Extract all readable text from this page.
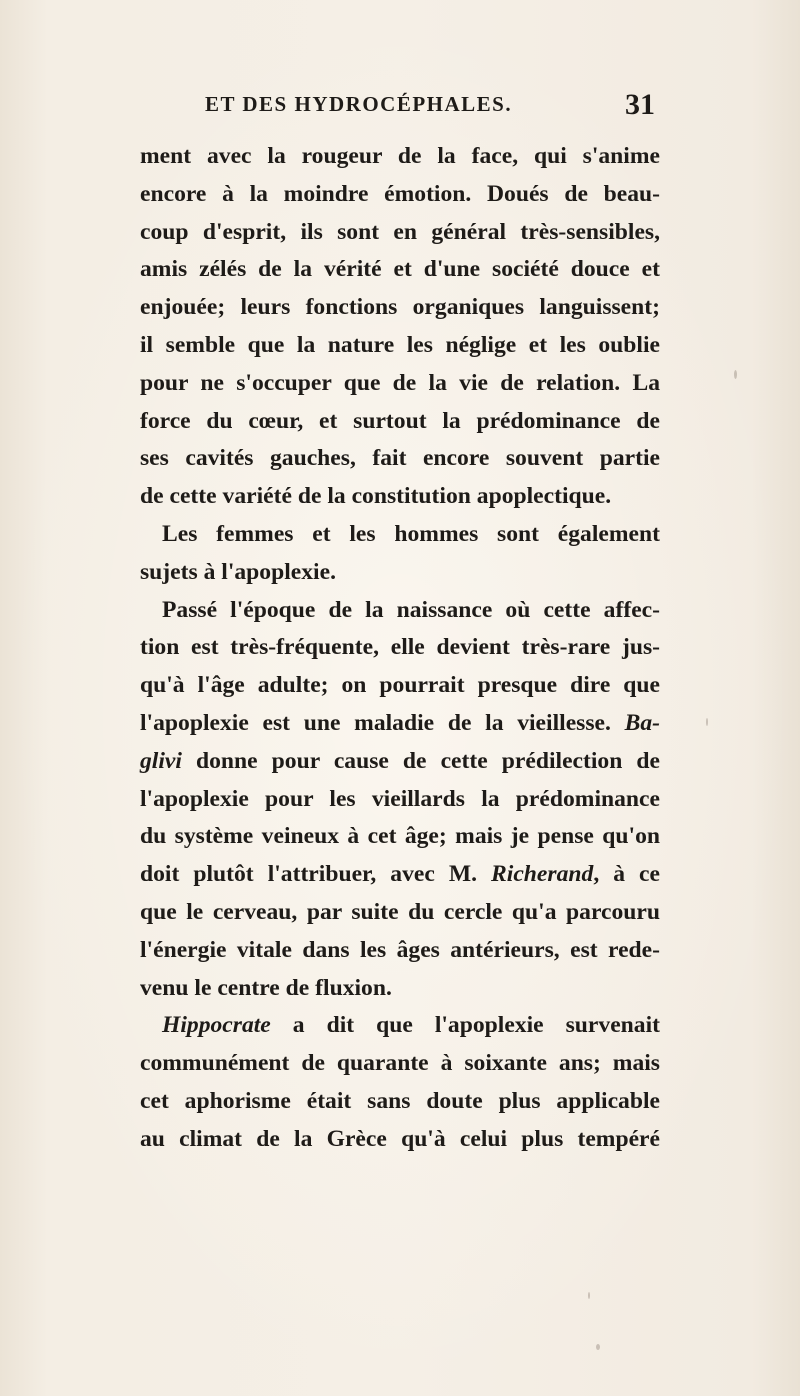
ET DES HYDROCÉPHALES.	31
ment avec la rougeur de la face, qui s'anime
encore à la moindre émotion. Doués de beau-
coup d'esprit, ils sont en général très-sensibles,
amis zélés de la vérité et d'une société douce et
enjouée; leurs fonctions organiques languissent;
il semble que la nature les néglige et les oublie
pour ne s'occuper que de la vie de relation. La
force du cœur, et surtout la prédominance de
ses cavités gauches, fait encore souvent partie
de cette variété de la constitution apoplectique.
Les femmes et les hommes sont également
sujets à l'apoplexie.
Passé l'époque de la naissance où cette affec-
tion est très-fréquente, elle devient très-rare jus-
qu'à l'âge adulte; on pourrait presque dire que
l'apoplexie est une maladie de la vieillesse. Ba-
glivi donne pour cause de cette prédilection de
l'apoplexie pour les vieillards la prédominance
du système veineux à cet âge; mais je pense qu'on
doit plutôt l'attribuer, avec M. Richerand, à ce
que le cerveau, par suite du cercle qu'a parcouru
l'énergie vitale dans les âges antérieurs, est rede-
venu le centre de fluxion.
Hippocrate a dit que l'apoplexie survenait
communément de quarante à soixante ans; mais
cet aphorisme était sans doute plus applicable
au climat de la Grèce qu'à celui plus tempéré
